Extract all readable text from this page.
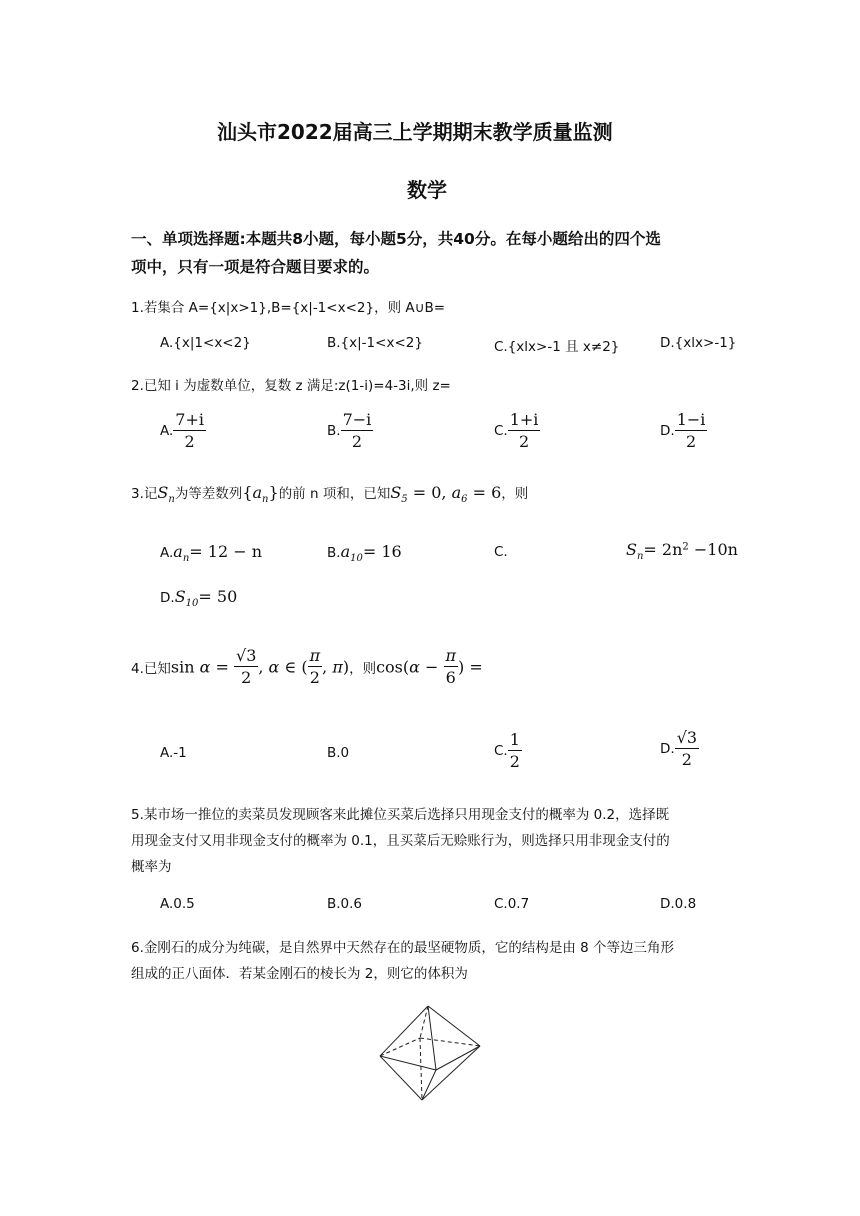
汕头市2022届高三上学期期末教学质量监测
数学
一、单项选择题:本题共8小题，每小题5分，共40分。在每小题给出的四个选
项中，只有一项是符合题目要求的。
1.若集合 A={x|x>1},B={x|-1<x<2}，则 A∪B=
A.{x|1<x<2}	B.{x|-1<x<2}	C.{xlx>-1 且 x≠2}	D.{xlx>-1}
2.已知 i 为虚数单位，复数 z 满足:z(1-i)=4-3i,则 z=
A. $\frac{7+i}{2}$	B. $\frac{7-i}{2}$	C. $\frac{1+i}{2}$	D. $\frac{1-i}{2}$
3.记$S_n$为等差数列$\{a_n\}$的前 n 项和，已知$S_5 = 0$, $a_6 = 6$，则
$A.a_n= 12 - n$	$B.a_{10}= 16$	C.	$S_n= 2n^2 -10n$
$D.S_{10}= 50$
4.已知$\sin \alpha = \frac{√3}{2}$ , α ∈ ( $\frac{\pi}{2}$ , π)，则$\cos(\alpha - \frac{\pi}{6}$ ) =
A.-1	B.0	C. $\frac{1}{2}$	D. $\frac{√3}{2}$
5.某市场一推位的卖菜员发现顾客来此摊位买菜后选择只用现金支付的概率为 0.2，选择既
用现金支付又用非现金支付的概率为 0.1，且买菜后无赊账行为，则选择只用非现金支付的
概率为
A.0.5	B.0.6	C.0.7	D.0.8
6.金刚石的成分为纯碳，是自然界中天然存在的最坚硬物质，它的结构是由 8 个等边三角形
组成的正八面体．若某金刚石的棱长为 2，则它的体积为
